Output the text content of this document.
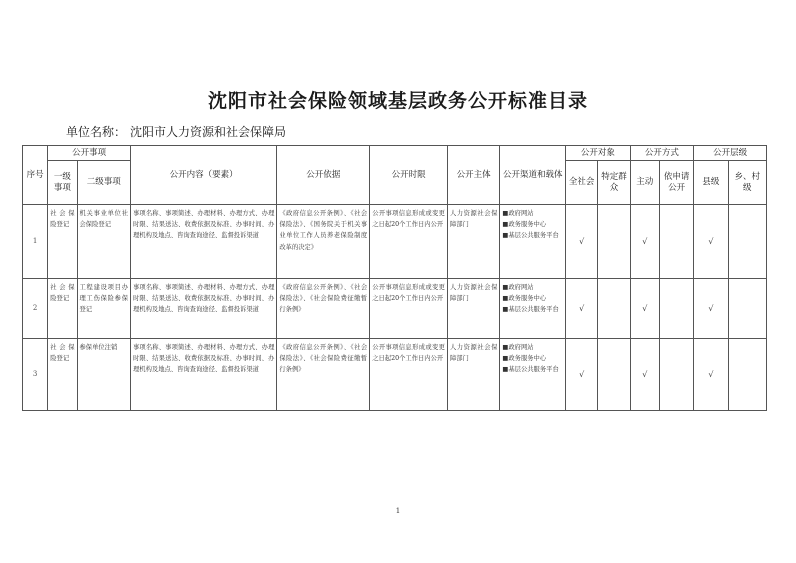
沈阳市社会保险领域基层政务公开标准目录
单位名称： 沈阳市人力资源和社会保障局
序号	公开事项		公开内容（要素）	公开依据	公开时限	公开主体	公开渠道和载体	公开对象		公开方式		公开层级	
	一级事项	二级事项						全社会	特定群众	主动	依申请公开	县级	乡、村级
1	社会保险登记	机关事业单位社会保险登记	事项名称、事项简述、办理材料、办理方式、办理时限、结果送达、收费依据及标准、办事时间、办理机构及地点、咨询查询途径、监督投诉渠道	《政府信息公开条例》、《社会保险法》、《国务院关于机关事业单位工作人员养老保险制度改革的决定》	公开事项信息形成或变更之日起20个工作日内公开	人力资源社会保障部门	■政府网站
■政务服务中心
■基层公共服务平台	√		√		√	
2	社会保险登记	工程建设项目办理工伤保险参保登记	事项名称、事项简述、办理材料、办理方式、办理时限、结果送达、收费依据及标准、办事时间、办理机构及地点、咨询查询途径、监督投诉渠道	《政府信息公开条例》、《社会保险法》、《社会保险费征缴暂行条例》	公开事项信息形成或变更之日起20个工作日内公开	人力资源社会保障部门	■政府网站
■政务服务中心
■基层公共服务平台	√		√		√	
3	社会保险登记	参保单位注销	事项名称、事项简述、办理材料、办理方式、办理时限、结果送达、收费依据及标准、办事时间、办理机构及地点、咨询查询途径、监督投诉渠道	《政府信息公开条例》、《社会保险法》、《社会保险费征缴暂行条例》	公开事项信息形成或变更之日起20个工作日内公开	人力资源社会保障部门	■政府网站
■政务服务中心
■基层公共服务平台	√		√		√	
1
